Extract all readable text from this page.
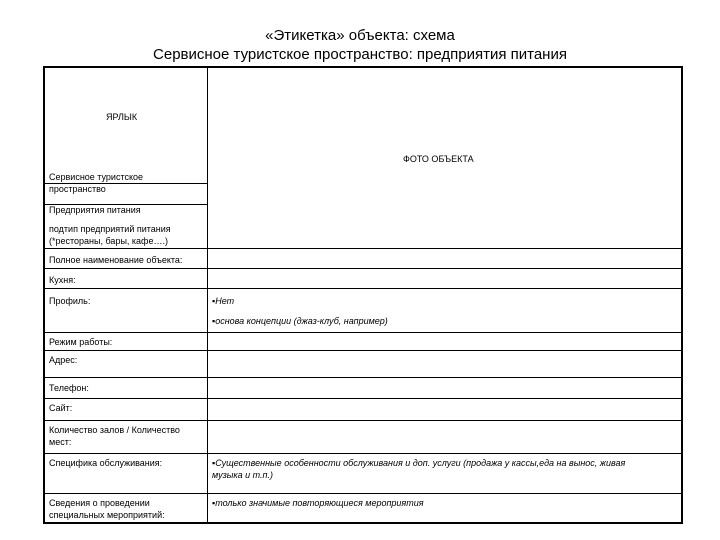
«Этикетка» объекта: схема
Сервисное туристское пространство: предприятия питания
ЯРЛЫК
ФОТО ОБЪЕКТА
Сервисное туристское
пространство
Предприятия питания
подтип предприятий питания
(*рестораны, бары, кафе….)
Полное наименование объекта:
Кухня:
Профиль:	▪Нет
▪основа концепции (джаз-клуб, например)
Режим работы:
Адрес:
Телефон:
Сайт:
Количество залов / Количество
мест:
Специфика обслуживания:	▪Существенные особенности обслуживания и доп. услуги (продажа у кассы,еда на вынос, живая
музыка и т.п.)
Сведения о проведении
специальных мероприятий:
▪только значимые повторяющиеся мероприятия
